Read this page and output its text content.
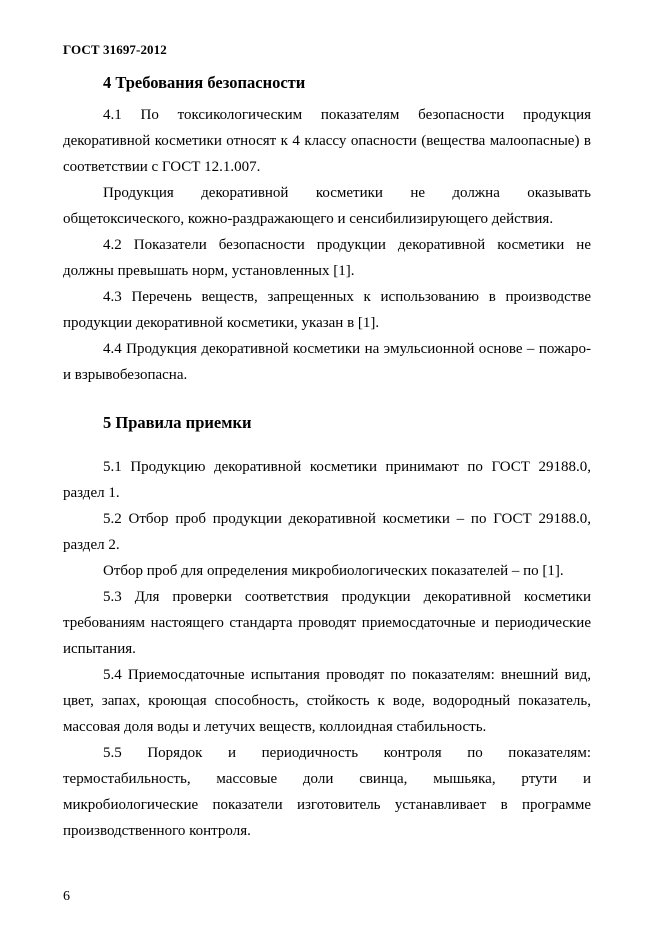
ГОСТ 31697-2012

4 Требования безопасности

4.1 По токсикологическим показателям безопасности продукция декоративной косметики относят к 4 классу опасности (вещества малоопасные) в соответствии с ГОСТ 12.1.007.

Продукция декоративной косметики не должна оказывать общетоксического, кожно-раздражающего и сенсибилизирующего действия.

4.2 Показатели безопасности продукции декоративной косметики не должны превышать норм, установленных [1].

4.3 Перечень веществ, запрещенных к использованию в производстве продукции декоративной косметики, указан в [1].

4.4 Продукция декоративной косметики на эмульсионной основе – пожаро- и взрывобезопасна.

5 Правила приемки

5.1 Продукцию декоративной косметики принимают по ГОСТ 29188.0, раздел 1.

5.2 Отбор проб продукции декоративной косметики – по ГОСТ 29188.0, раздел 2.

Отбор проб для определения микробиологических показателей – по [1].

5.3 Для проверки соответствия продукции декоративной косметики требованиям настоящего стандарта проводят приемосдаточные и периодические испытания.

5.4 Приемосдаточные испытания проводят по показателям: внешний вид, цвет, запах, кроющая способность, стойкость к воде, водородный показатель, массовая доля воды и летучих веществ, коллоидная стабильность.

5.5 Порядок и периодичность контроля по показателям: термостабильность, массовые доли свинца, мышьяка, ртути и микробиологические показатели изготовитель устанавливает в программе производственного контроля.

6
